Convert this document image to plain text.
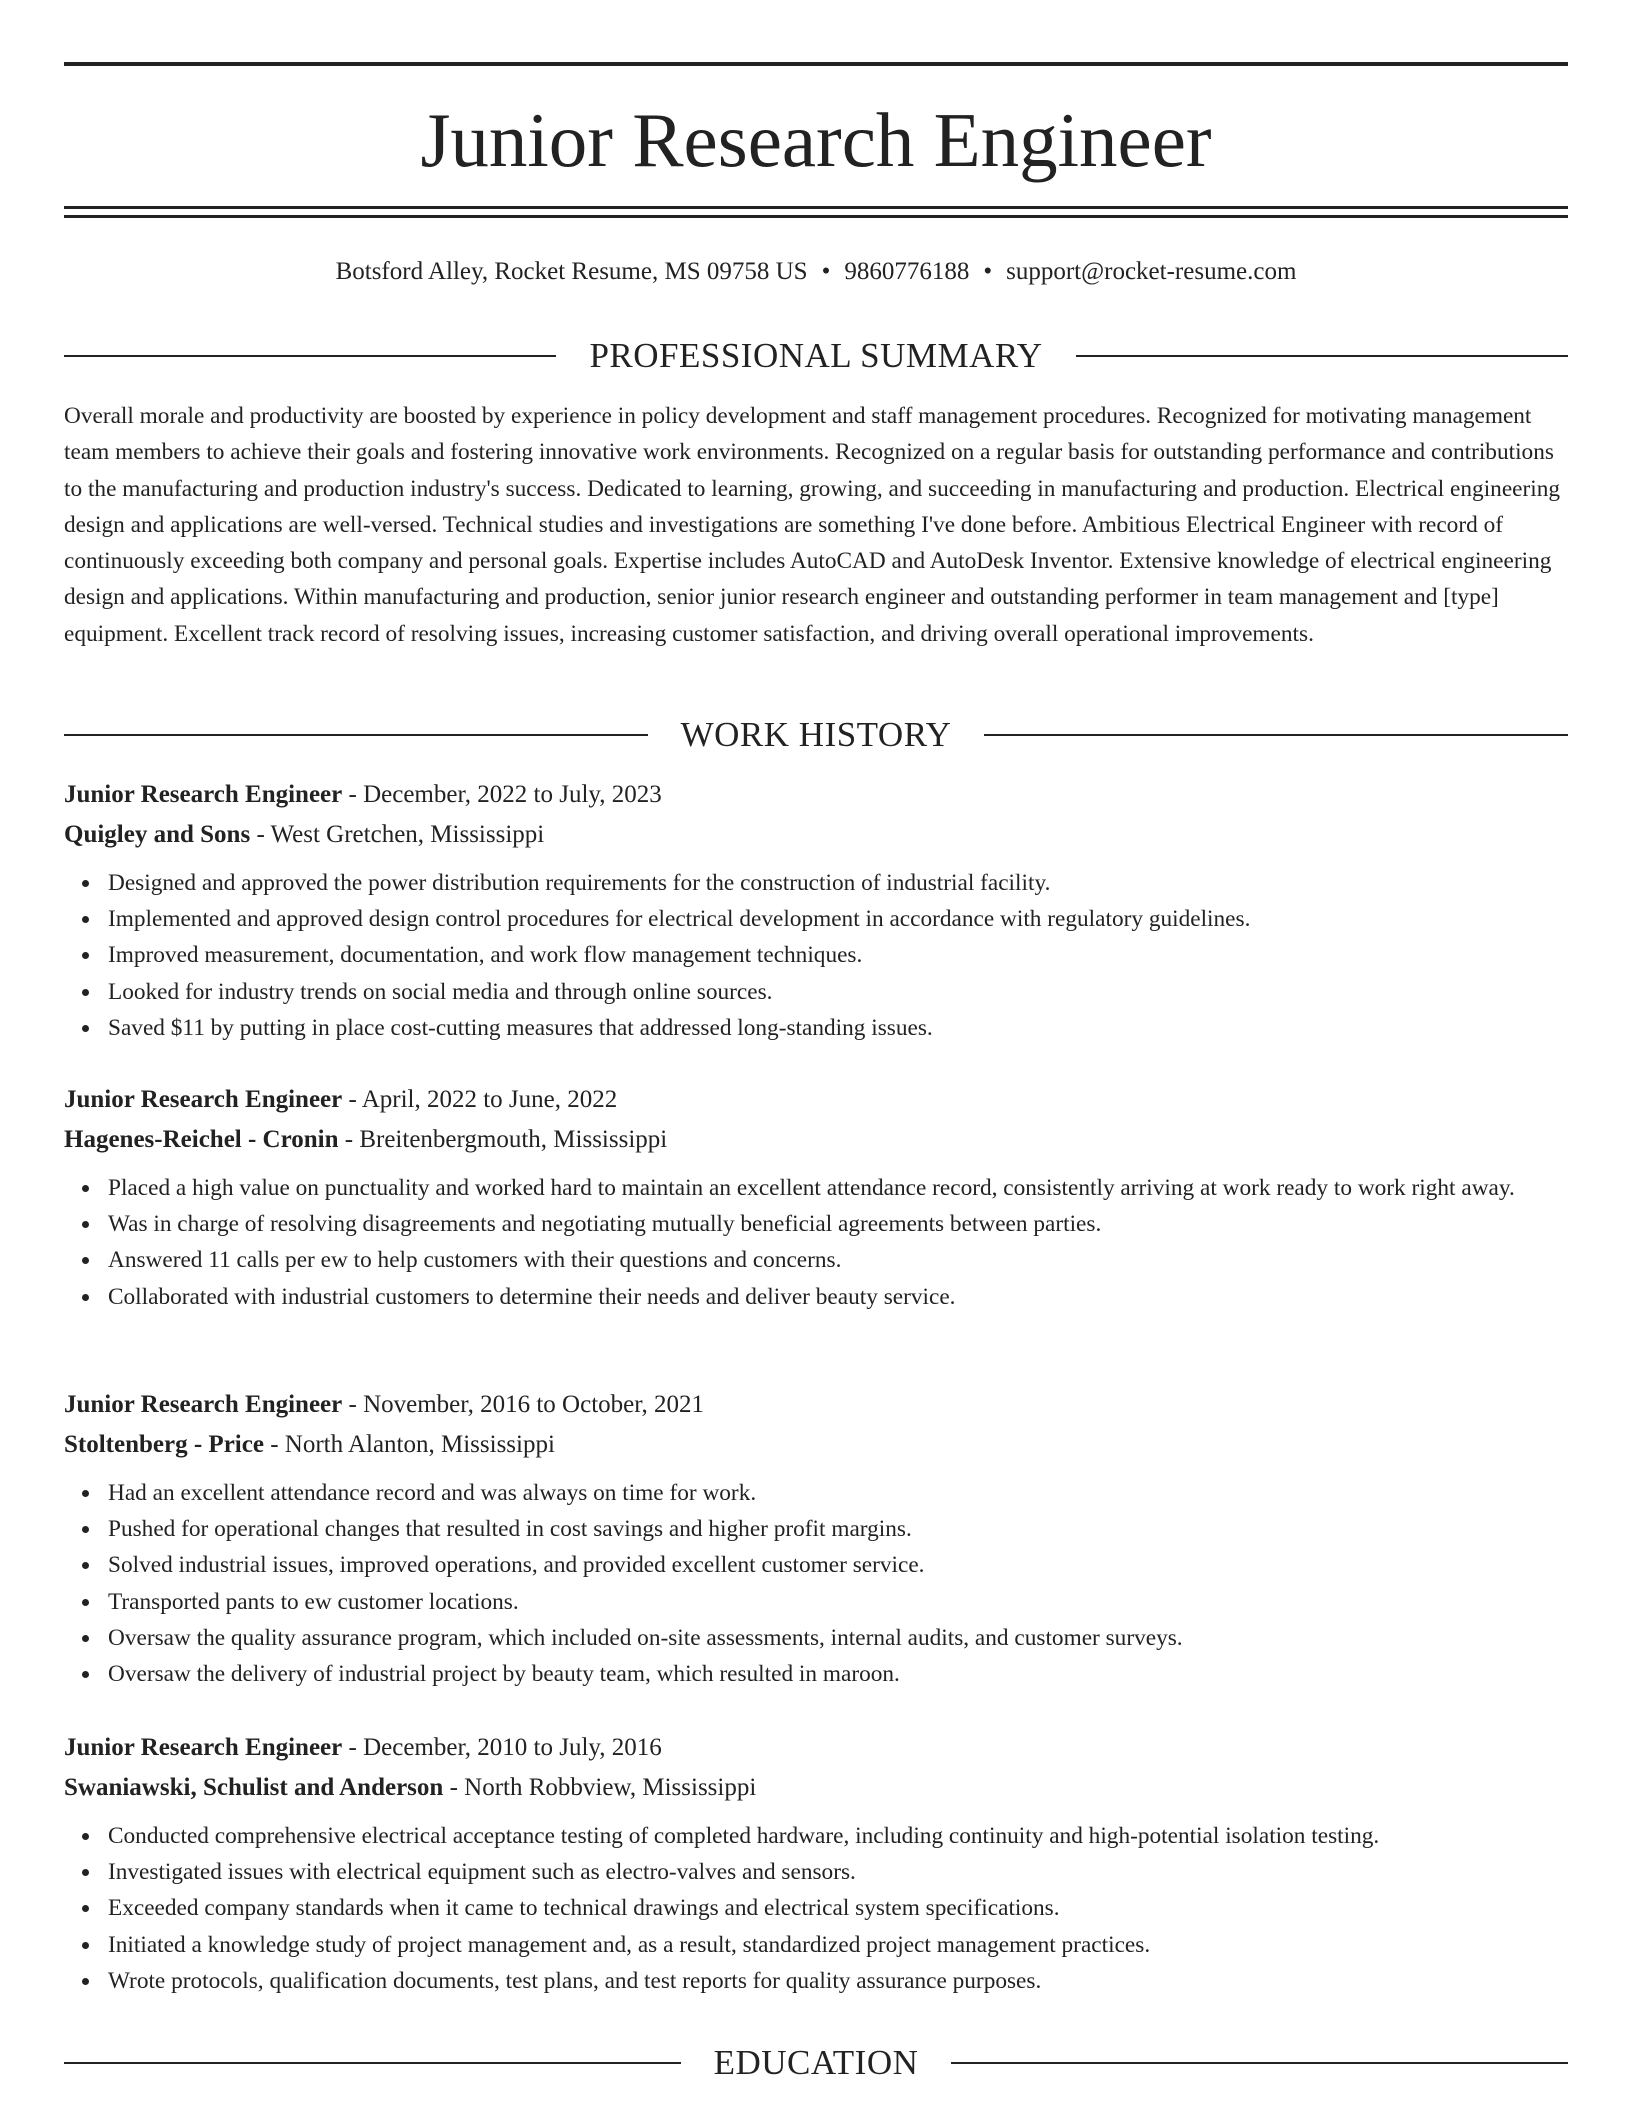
Junior Research Engineer
Botsford Alley, Rocket Resume, MS 09758 US • 9860776188 • support@rocket-resume.com
PROFESSIONAL SUMMARY

Overall morale and productivity are boosted by experience in policy development and staff management procedures. Recognized for motivating management team members to achieve their goals and fostering innovative work environments. Recognized on a regular basis for outstanding performance and contributions to the manufacturing and production industry's success. Dedicated to learning, growing, and succeeding in manufacturing and production. Electrical engineering design and applications are well-versed. Technical studies and investigations are something I've done before. Ambitious Electrical Engineer with record of continuously exceeding both company and personal goals. Expertise includes AutoCAD and AutoDesk Inventor. Extensive knowledge of electrical engineering design and applications. Within manufacturing and production, senior junior research engineer and outstanding performer in team management and [type] equipment. Excellent track record of resolving issues, increasing customer satisfaction, and driving overall operational improvements.

WORK HISTORY

Junior Research Engineer - December, 2022 to July, 2023

Quigley and Sons - West Gretchen, Mississippi

Designed and approved the power distribution requirements for the construction of industrial facility.
Implemented and approved design control procedures for electrical development in accordance with regulatory guidelines.
Improved measurement, documentation, and work flow management techniques.
Looked for industry trends on social media and through online sources.
Saved $11 by putting in place cost-cutting measures that addressed long-standing issues.

Junior Research Engineer - April, 2022 to June, 2022

Hagenes-Reichel - Cronin - Breitenbergmouth, Mississippi

Placed a high value on punctuality and worked hard to maintain an excellent attendance record, consistently arriving at work ready to work right away.
Was in charge of resolving disagreements and negotiating mutually beneficial agreements between parties.
Answered 11 calls per ew to help customers with their questions and concerns.
Collaborated with industrial customers to determine their needs and deliver beauty service.

Junior Research Engineer - November, 2016 to October, 2021

Stoltenberg - Price - North Alanton, Mississippi

Had an excellent attendance record and was always on time for work.
Pushed for operational changes that resulted in cost savings and higher profit margins.
Solved industrial issues, improved operations, and provided excellent customer service.
Transported pants to ew customer locations.
Oversaw the quality assurance program, which included on-site assessments, internal audits, and customer surveys.
Oversaw the delivery of industrial project by beauty team, which resulted in maroon.

Junior Research Engineer - December, 2010 to July, 2016

Swaniawski, Schulist and Anderson - North Robbview, Mississippi

Conducted comprehensive electrical acceptance testing of completed hardware, including continuity and high-potential isolation testing.
Investigated issues with electrical equipment such as electro-valves and sensors.
Exceeded company standards when it came to technical drawings and electrical system specifications.
Initiated a knowledge study of project management and, as a result, standardized project management practices.
Wrote protocols, qualification documents, test plans, and test reports for quality assurance purposes.
EDUCATION
